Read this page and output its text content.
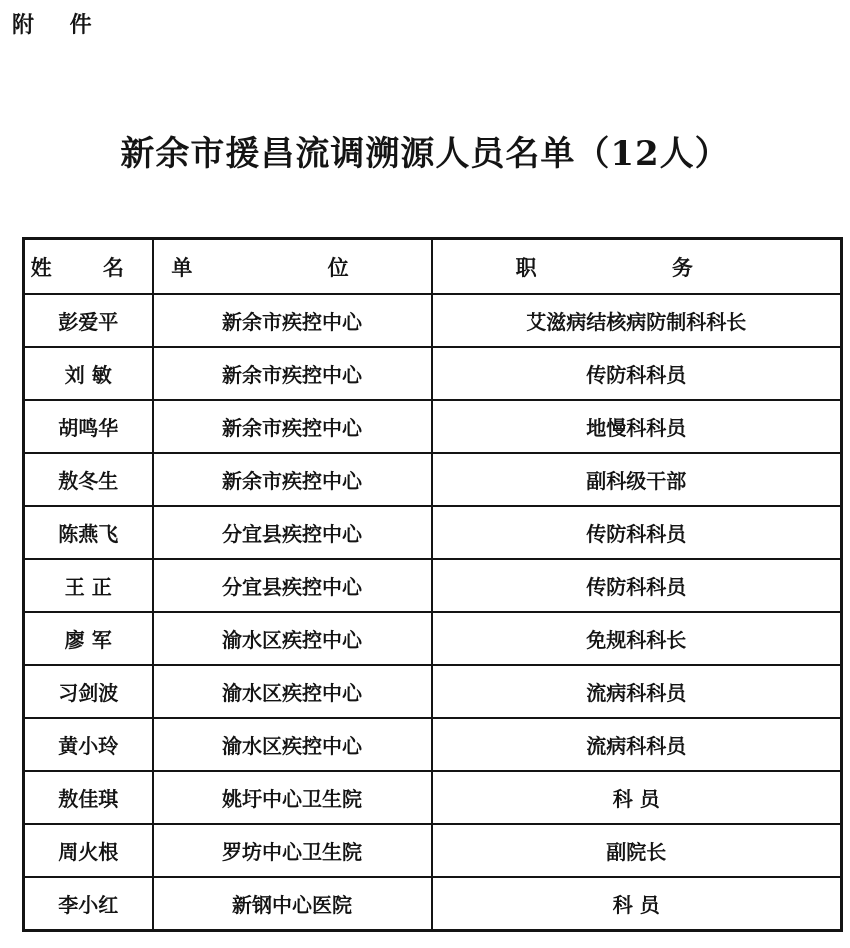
附 件
新余市援昌流调溯源人员名单（12人）
姓 名	单 位	职 务
彭爱平	新余市疾控中心	艾滋病结核病防制科科长
刘 敏	新余市疾控中心	传防科科员
胡鸣华	新余市疾控中心	地慢科科员
敖冬生	新余市疾控中心	副科级干部
陈燕飞	分宜县疾控中心	传防科科员
王 正	分宜县疾控中心	传防科科员
廖 军	渝水区疾控中心	免规科科长
习剑波	渝水区疾控中心	流病科科员
黄小玲	渝水区疾控中心	流病科科员
敖佳琪	姚圩中心卫生院	科 员
周火根	罗坊中心卫生院	副院长
李小红	新钢中心医院	科 员
